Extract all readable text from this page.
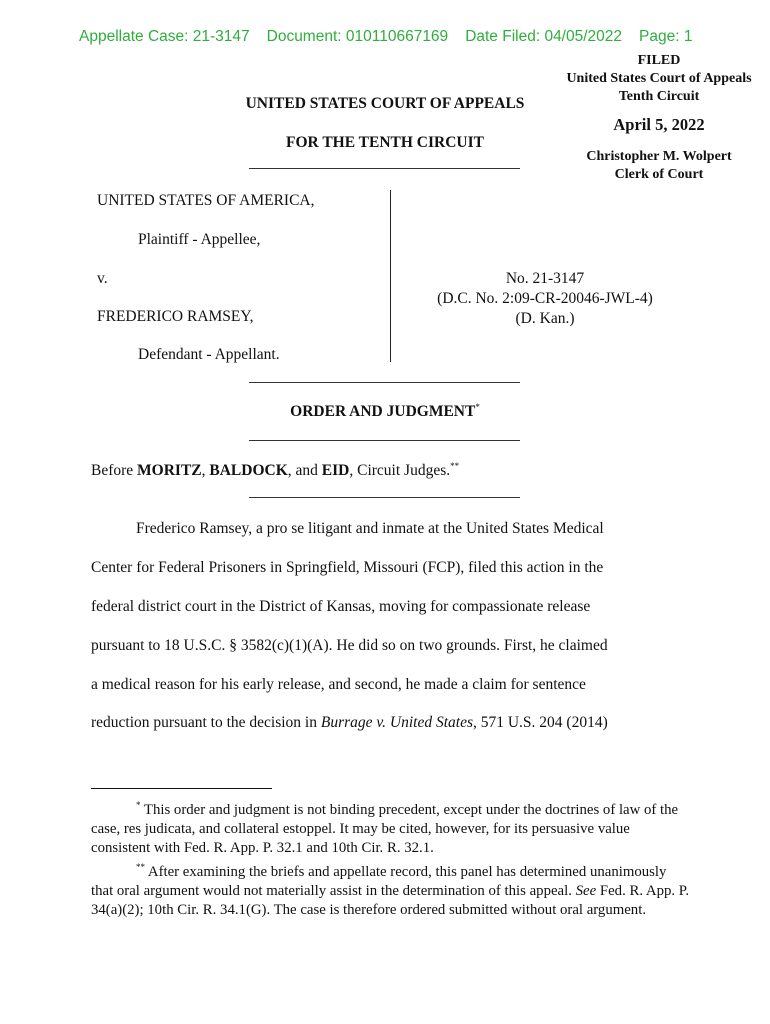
Appellate Case: 21-3147 Document: 010110667169 Date Filed: 04/05/2022 Page: 1
FILED
United States Court of Appeals
Tenth Circuit
April 5, 2022
Christopher M. Wolpert
Clerk of Court
UNITED STATES COURT OF APPEALS
FOR THE TENTH CIRCUIT
UNITED STATES OF AMERICA,
Plaintiff - Appellee,
v.
FREDERICO RAMSEY,
Defendant - Appellant.
No. 21-3147
(D.C. No. 2:09-CR-20046-JWL-4)
(D. Kan.)
ORDER AND JUDGMENT*
Before MORITZ, BALDOCK, and EID, Circuit Judges.**
Frederico Ramsey, a pro se litigant and inmate at the United States Medical
Center for Federal Prisoners in Springfield, Missouri (FCP), filed this action in the
federal district court in the District of Kansas, moving for compassionate release
pursuant to 18 U.S.C. § 3582(c)(1)(A). He did so on two grounds. First, he claimed
a medical reason for his early release, and second, he made a claim for sentence
reduction pursuant to the decision in Burrage v. United States, 571 U.S. 204 (2014)

* This order and judgment is not binding precedent, except under the doctrines of law of the case, res judicata, and collateral estoppel. It may be cited, however, for its persuasive value consistent with Fed. R. App. P. 32.1 and 10th Cir. R. 32.1.

** After examining the briefs and appellate record, this panel has determined unanimously that oral argument would not materially assist in the determination of this appeal. See Fed. R. App. P. 34(a)(2); 10th Cir. R. 34.1(G). The case is therefore ordered submitted without oral argument.
